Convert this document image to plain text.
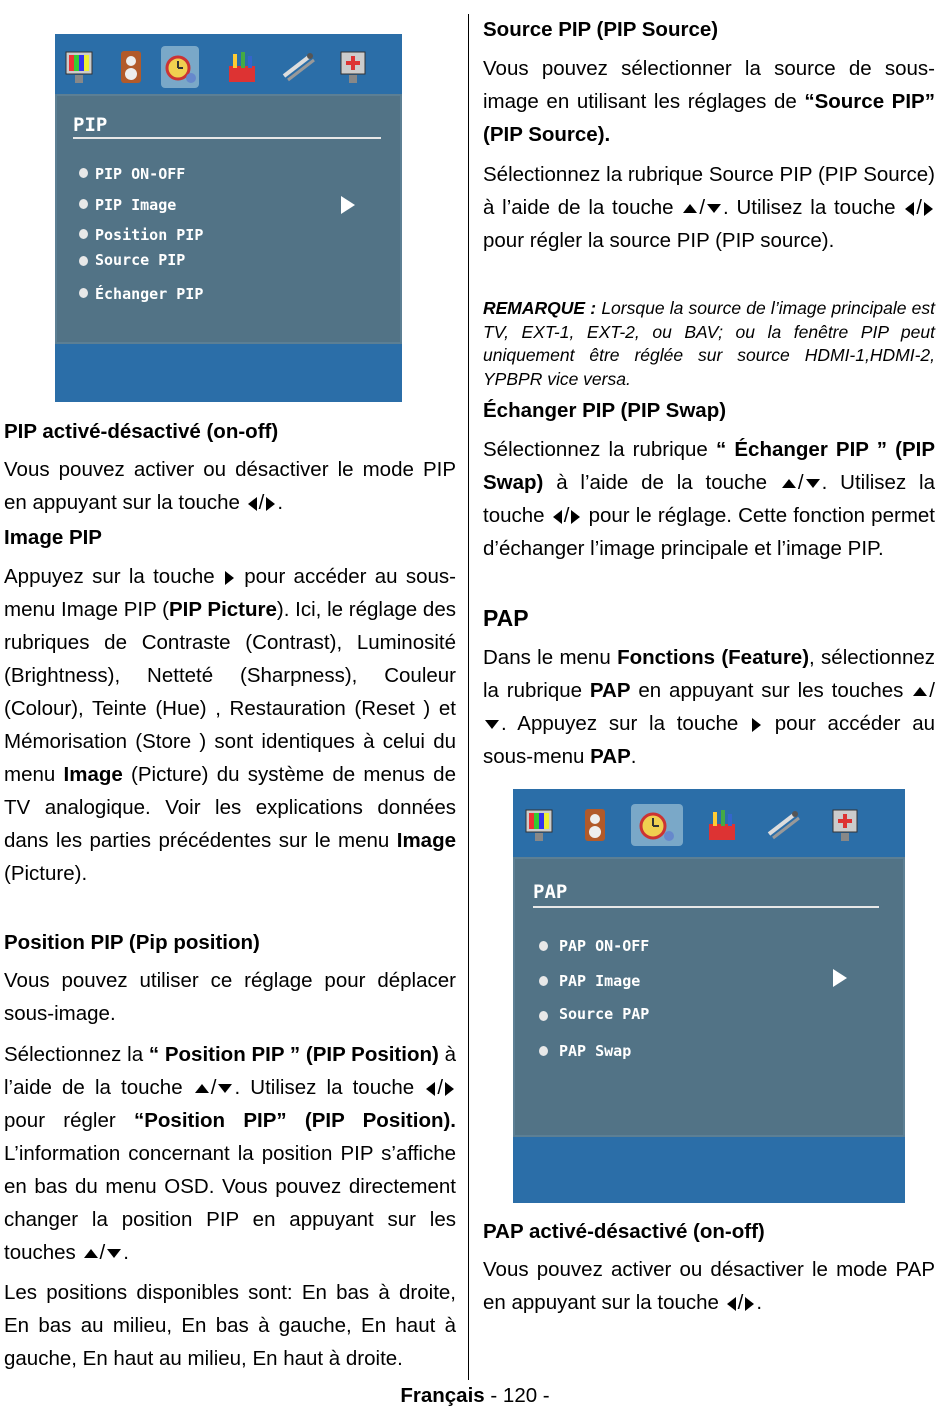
PIP
PIP ON-OFF
PIP Image
Position PIP
Source PIP
Échanger PIP
PIP activé-désactivé (on-off)

Vous pouvez activer ou désactiver le mode PIP en appuyant sur la touche / .

Image PIP

Appuyez sur la touche pour accéder au sous-menu Image PIP (PIP Picture). Ici, le réglage des rubriques de Contraste (Contrast), Luminosité (Brightness), Netteté (Sharpness), Couleur (Colour), Teinte (Hue) , Restauration (Reset ) et Mémorisation (Store ) sont identiques à celui du menu Image (Picture) du système de menus de TV analogique. Voir les explications données dans les parties précédentes sur le menu Image (Picture).

Position PIP (Pip position)

Vous pouvez utiliser ce réglage pour déplacer sous-image.

Sélectionnez la “ Position PIP ” (PIP Position) à l’aide de la touche / . Utilisez la touche / pour régler “Position PIP” (PIP Position). L’information concernant la position PIP s’affiche en bas du menu OSD. Vous pouvez directement changer la position PIP en appuyant sur les touches / .

Les positions disponibles sont: En bas à droite, En bas au milieu, En bas à gauche, En haut à gauche, En haut au milieu, En haut à droite.

Source PIP (PIP Source)

Vous pouvez sélectionner la source de sous-image en utilisant les réglages de “Source PIP” (PIP Source).

Sélectionnez la rubrique Source PIP (PIP Source) à l’aide de la touche / . Utilisez la touche / pour régler la source PIP (PIP source).

REMARQUE : Lorsque la source de l’image principale est TV, EXT-1, EXT-2, ou BAV; ou la fenêtre PIP peut uniquement être réglée sur source HDMI-1,HDMI-2, YPBPR vice versa.
Échanger PIP (PIP Swap)

Sélectionnez la rubrique “ Échanger PIP ” (PIP Swap) à l’aide de la touche / . Utilisez la touche / pour le réglage. Cette fonction permet d’échanger l’image principale et l’image PIP.

PAP

Dans le menu Fonctions (Feature), sélectionnez la rubrique PAP en appuyant sur les touches /. Appuyez sur la touche pour accéder au sous-menu PAP.

PAP
PAP ON-OFF
PAP Image
Source PAP
PAP Swap
PAP activé-désactivé (on-off)

Vous pouvez activer ou désactiver le mode PAP en appuyant sur la touche / .

Français - 120 -
